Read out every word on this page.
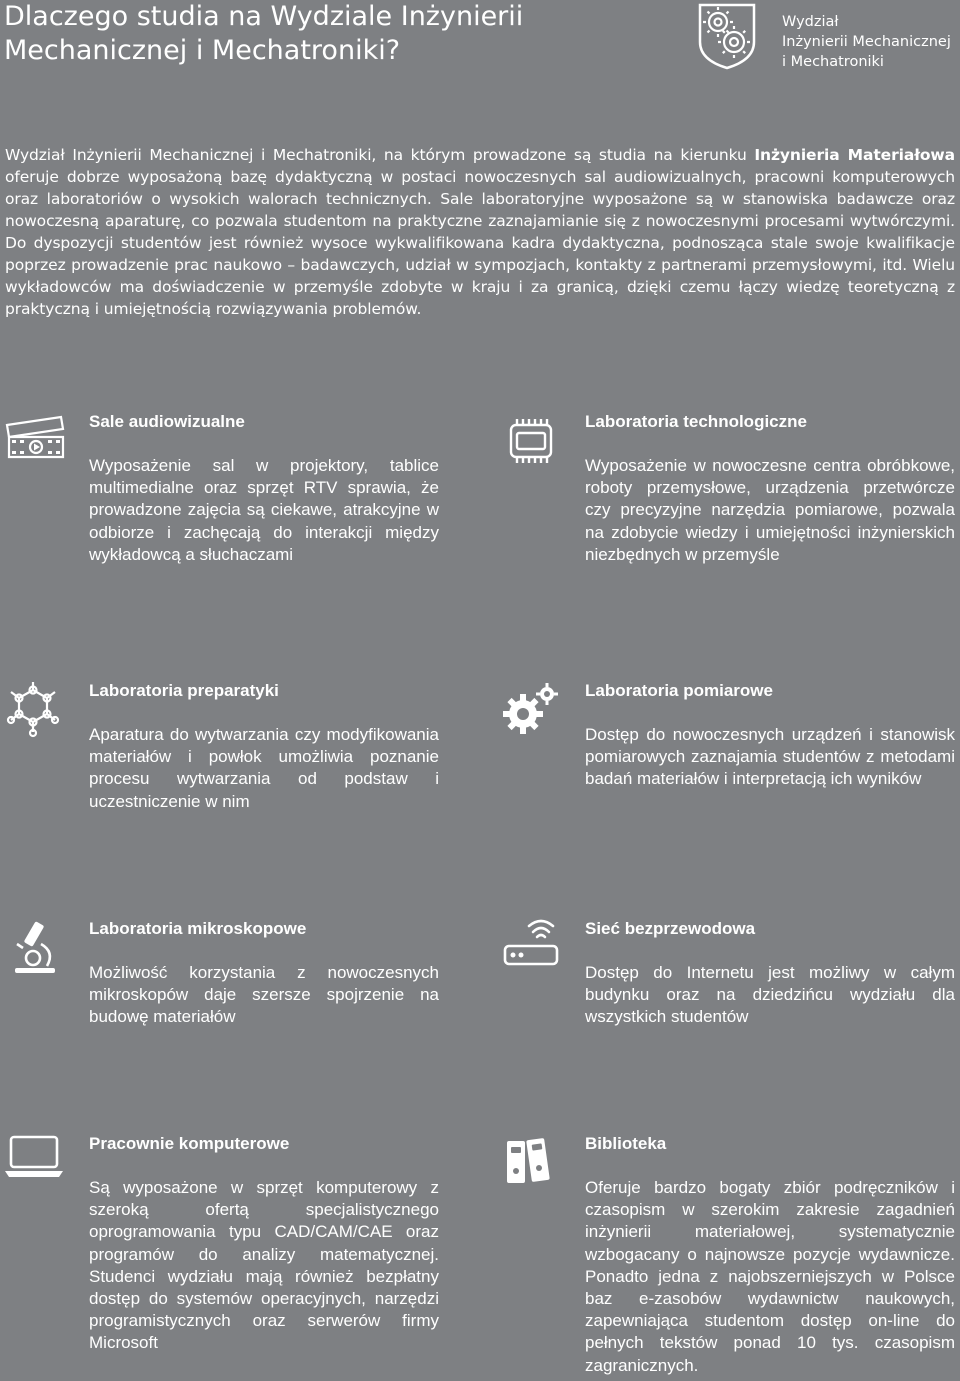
Dlaczego studia na Wydziale Inżynierii Mechanicznej i Mechatroniki?
Wydział
Inżynierii Mechanicznej
i Mechatroniki

Wydział Inżynierii Mechanicznej i Mechatroniki, na którym prowadzone są studia na kierunku Inżynieria Materiałowa oferuje dobrze wyposażoną bazę dydaktyczną w postaci nowoczesnych sal audiowizualnych, pracowni komputerowych oraz laboratoriów o wysokich walorach technicznych. Sale laboratoryjne wyposażone są w stanowiska badawcze oraz nowoczesną aparaturę, co pozwala studentom na praktyczne zaznajamianie się z nowoczesnymi procesami wytwórczymi. Do dyspozycji studentów jest również wysoce wykwalifikowana kadra dydaktyczna, podnosząca stale swoje kwalifikacje poprzez prowadzenie prac naukowo – badawczych, udział w sympozjach, kontakty z partnerami przemysłowymi, itd. Wielu wykładowców ma doświadczenie w przemyśle zdobyte w kraju i za granicą, dzięki czemu łączy wiedzę teoretyczną z praktyczną i umiejętnością rozwiązywania problemów.

Sale audiowizualne

Wyposażenie sal w projektory, tablice multimedialne oraz sprzęt RTV sprawia, że prowadzone zajęcia są ciekawe, atrakcyjne w odbiorze i zachęcają do interakcji między wykładowcą a słuchaczami

Laboratoria technologiczne

Wyposażenie w nowoczesne centra obróbkowe, roboty przemysłowe, urządzenia przetwórcze czy precyzyjne narzędzia pomiarowe, pozwala na zdobycie wiedzy i umiejętności inżynierskich niezbędnych w przemyśle

Laboratoria preparatyki

Aparatura do wytwarzania czy modyfikowania materiałów i powłok umożliwia poznanie procesu wytwarzania od podstaw i uczestniczenie w nim

Laboratoria pomiarowe

Dostęp do nowoczesnych urządzeń i stanowisk pomiarowych zaznajamia studentów z metodami badań materiałów i interpretacją ich wyników

Laboratoria mikroskopowe

Możliwość korzystania z nowoczesnych mikroskopów daje szersze spojrzenie na budowę materiałów

Sieć bezprzewodowa

Dostęp do Internetu jest możliwy w całym budynku oraz na dziedzińcu wydziału dla wszystkich studentów

Pracownie komputerowe

Są wyposażone w sprzęt komputerowy z szeroką ofertą specjalistycznego oprogramowania typu CAD/CAM/CAE oraz programów do analizy matematycznej. Studenci wydziału mają również bezpłatny dostęp do systemów operacyjnych, narzędzi programistycznych oraz serwerów firmy Microsoft

Biblioteka

Oferuje bardzo bogaty zbiór podręczników i czasopism w szerokim zakresie zagadnień inżynierii materiałowej, systematycznie wzbogacany o najnowsze pozycje wydawnicze. Ponadto jedna z najobszerniejszych w Polsce baz e-zasobów wydawnictw naukowych, zapewniająca studentom dostęp on-line do pełnych tekstów ponad 10 tys. czasopism zagranicznych.
